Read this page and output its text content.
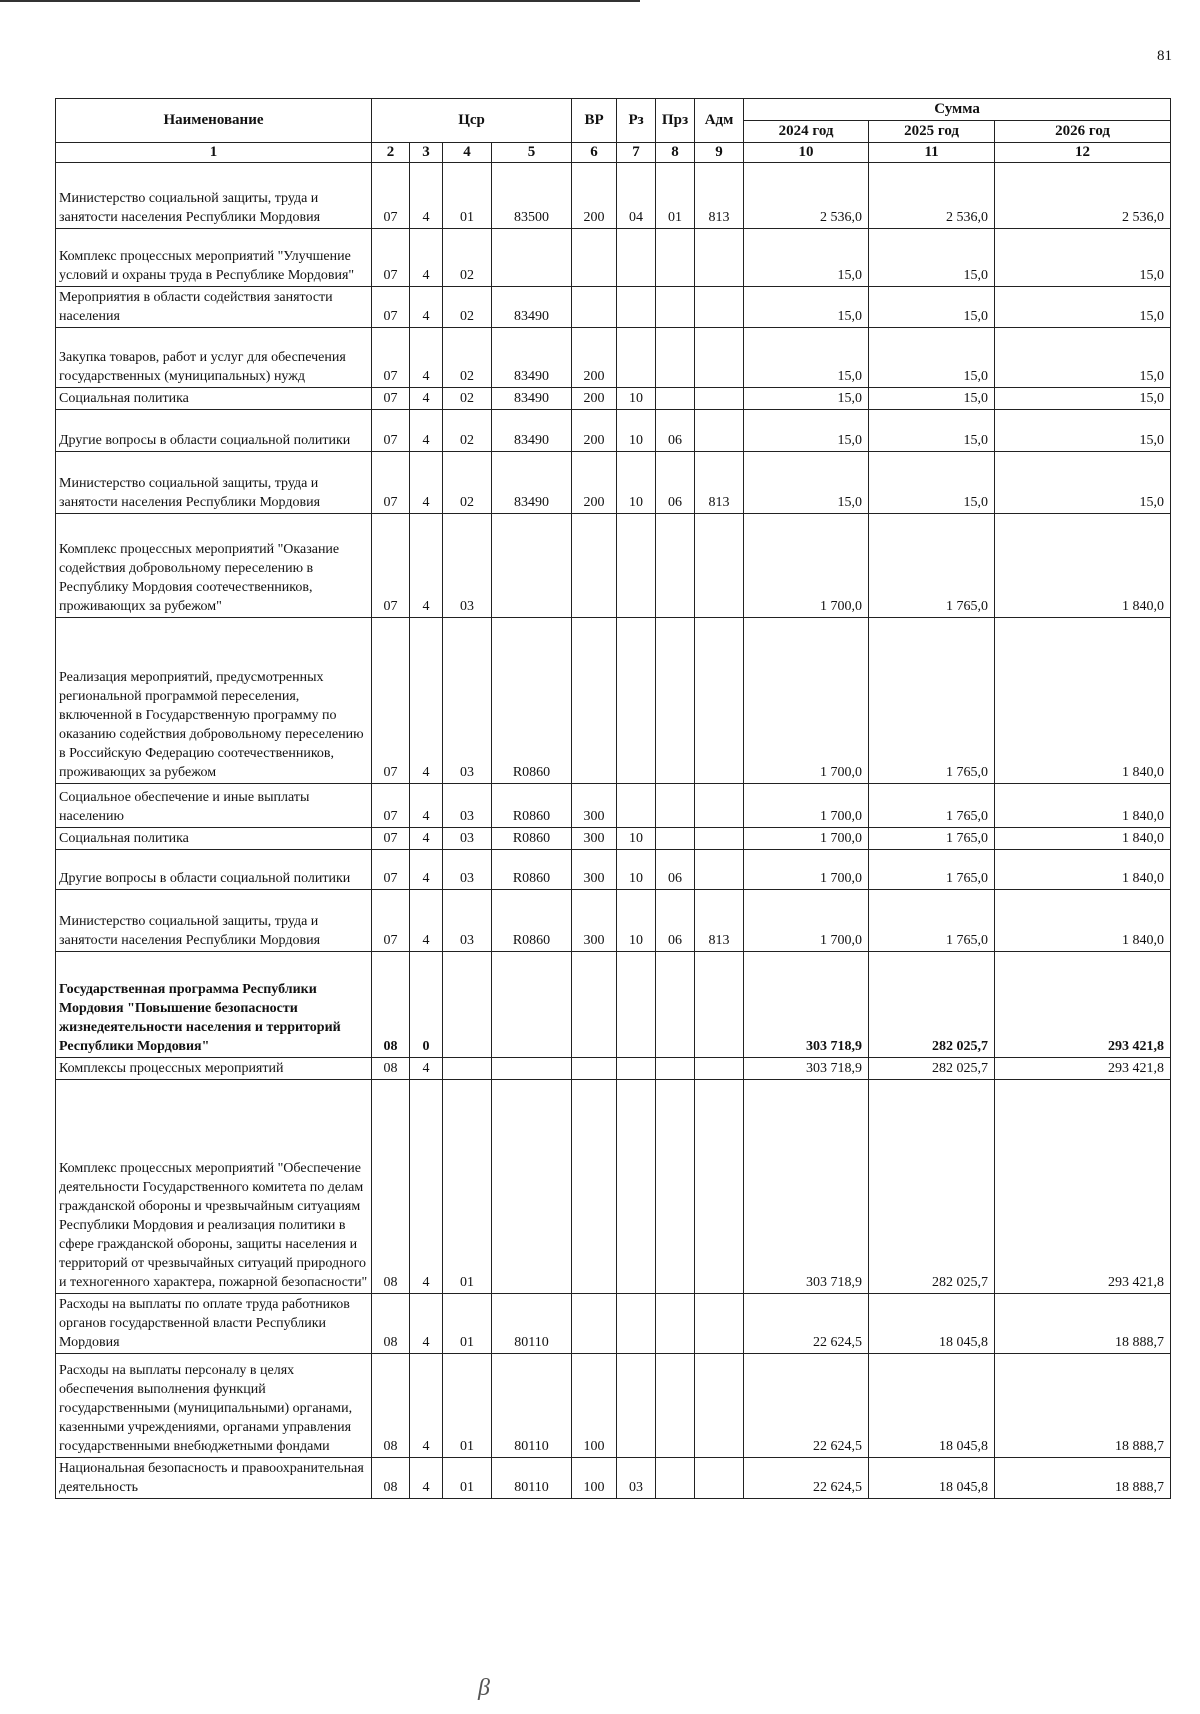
81
Наименование	Цср				ВР	Рз	Прз	Адм	Сумма		
									2024 год	2025 год	2026 год
1	2	3	4	5	6	7	8	9	10	11	12
Министерство социальной защиты, труда и занятости населения Республики Мордовия	07	4	01	83500	200	04	01	813	2 536,0	2 536,0	2 536,0
Комплекс процессных мероприятий "Улучшение условий и охраны труда в Республике Мордовия"	07	4	02						15,0	15,0	15,0
Мероприятия в области содействия занятости населения	07	4	02	83490					15,0	15,0	15,0
Закупка товаров, работ и услуг для обеспечения государственных (муниципальных) нужд	07	4	02	83490	200				15,0	15,0	15,0
Социальная политика	07	4	02	83490	200	10			15,0	15,0	15,0
Другие вопросы в области социальной политики	07	4	02	83490	200	10	06		15,0	15,0	15,0
Министерство социальной защиты, труда и занятости населения Республики Мордовия	07	4	02	83490	200	10	06	813	15,0	15,0	15,0
Комплекс процессных мероприятий "Оказание содействия добровольному переселению в Республику Мордовия соотечественников, проживающих за рубежом"	07	4	03						1 700,0	1 765,0	1 840,0
Реализация мероприятий, предусмотренных региональной программой переселения, включенной в Государственную программу по оказанию содействия добровольному переселению в Российскую Федерацию соотечественников, проживающих за рубежом	07	4	03	R0860					1 700,0	1 765,0	1 840,0
Социальное обеспечение и иные выплаты населению	07	4	03	R0860	300				1 700,0	1 765,0	1 840,0
Социальная политика	07	4	03	R0860	300	10			1 700,0	1 765,0	1 840,0
Другие вопросы в области социальной политики	07	4	03	R0860	300	10	06		1 700,0	1 765,0	1 840,0
Министерство социальной защиты, труда и занятости населения Республики Мордовия	07	4	03	R0860	300	10	06	813	1 700,0	1 765,0	1 840,0
Государственная программа Республики Мордовия "Повышение безопасности жизнедеятельности населения и территорий Республики Мордовия"	08	0							303 718,9	282 025,7	293 421,8
Комплексы процессных мероприятий	08	4							303 718,9	282 025,7	293 421,8
Комплекс процессных мероприятий "Обеспечение деятельности Государственного комитета по делам гражданской обороны и чрезвычайным ситуациям Республики Мордовия и реализация политики в сфере гражданской обороны, защиты населения и территорий от чрезвычайных ситуаций природного и техногенного характера, пожарной безопасности"	08	4	01						303 718,9	282 025,7	293 421,8
Расходы на выплаты по оплате труда работников органов государственной власти Республики Мордовия	08	4	01	80110					22 624,5	18 045,8	18 888,7
Расходы на выплаты персоналу в целях обеспечения выполнения функций государственными (муниципальными) органами, казенными учреждениями, органами управления государственными внебюджетными фондами	08	4	01	80110	100				22 624,5	18 045,8	18 888,7
Национальная безопасность и правоохранительная деятельность	08	4	01	80110	100	03			22 624,5	18 045,8	18 888,7
β
